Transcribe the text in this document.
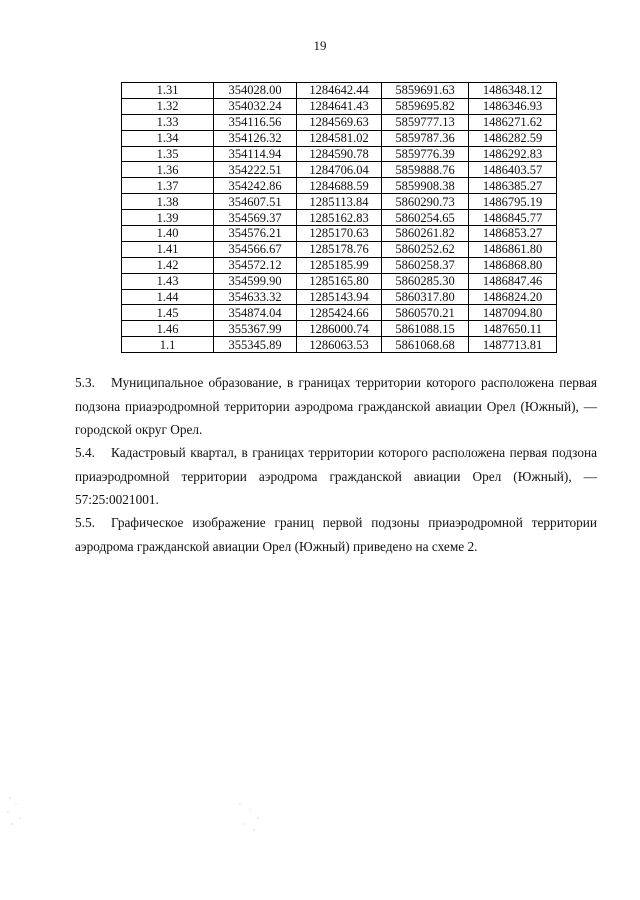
19
1.31	354028.00	1284642.44	5859691.63	1486348.12
1.32	354032.24	1284641.43	5859695.82	1486346.93
1.33	354116.56	1284569.63	5859777.13	1486271.62
1.34	354126.32	1284581.02	5859787.36	1486282.59
1.35	354114.94	1284590.78	5859776.39	1486292.83
1.36	354222.51	1284706.04	5859888.76	1486403.57
1.37	354242.86	1284688.59	5859908.38	1486385.27
1.38	354607.51	1285113.84	5860290.73	1486795.19
1.39	354569.37	1285162.83	5860254.65	1486845.77
1.40	354576.21	1285170.63	5860261.82	1486853.27
1.41	354566.67	1285178.76	5860252.62	1486861.80
1.42	354572.12	1285185.99	5860258.37	1486868.80
1.43	354599.90	1285165.80	5860285.30	1486847.46
1.44	354633.32	1285143.94	5860317.80	1486824.20
1.45	354874.04	1285424.66	5860570.21	1487094.80
1.46	355367.99	1286000.74	5861088.15	1487650.11
1.1	355345.89	1286063.53	5861068.68	1487713.81

5.3. Муниципальное образование, в границах территории которого расположена первая подзона приаэродромной территории аэродрома гражданской авиации Орел (Южный), — городской округ Орел.

5.4. Кадастровый квартал, в границах территории которого расположена первая подзона приаэродромной территории аэродрома гражданской авиации Орел (Южный), — 57:25:0021001.

5.5. Графическое изображение границ первой подзоны приаэродромной территории аэродрома гражданской авиации Орел (Южный) приведено на схеме 2.
